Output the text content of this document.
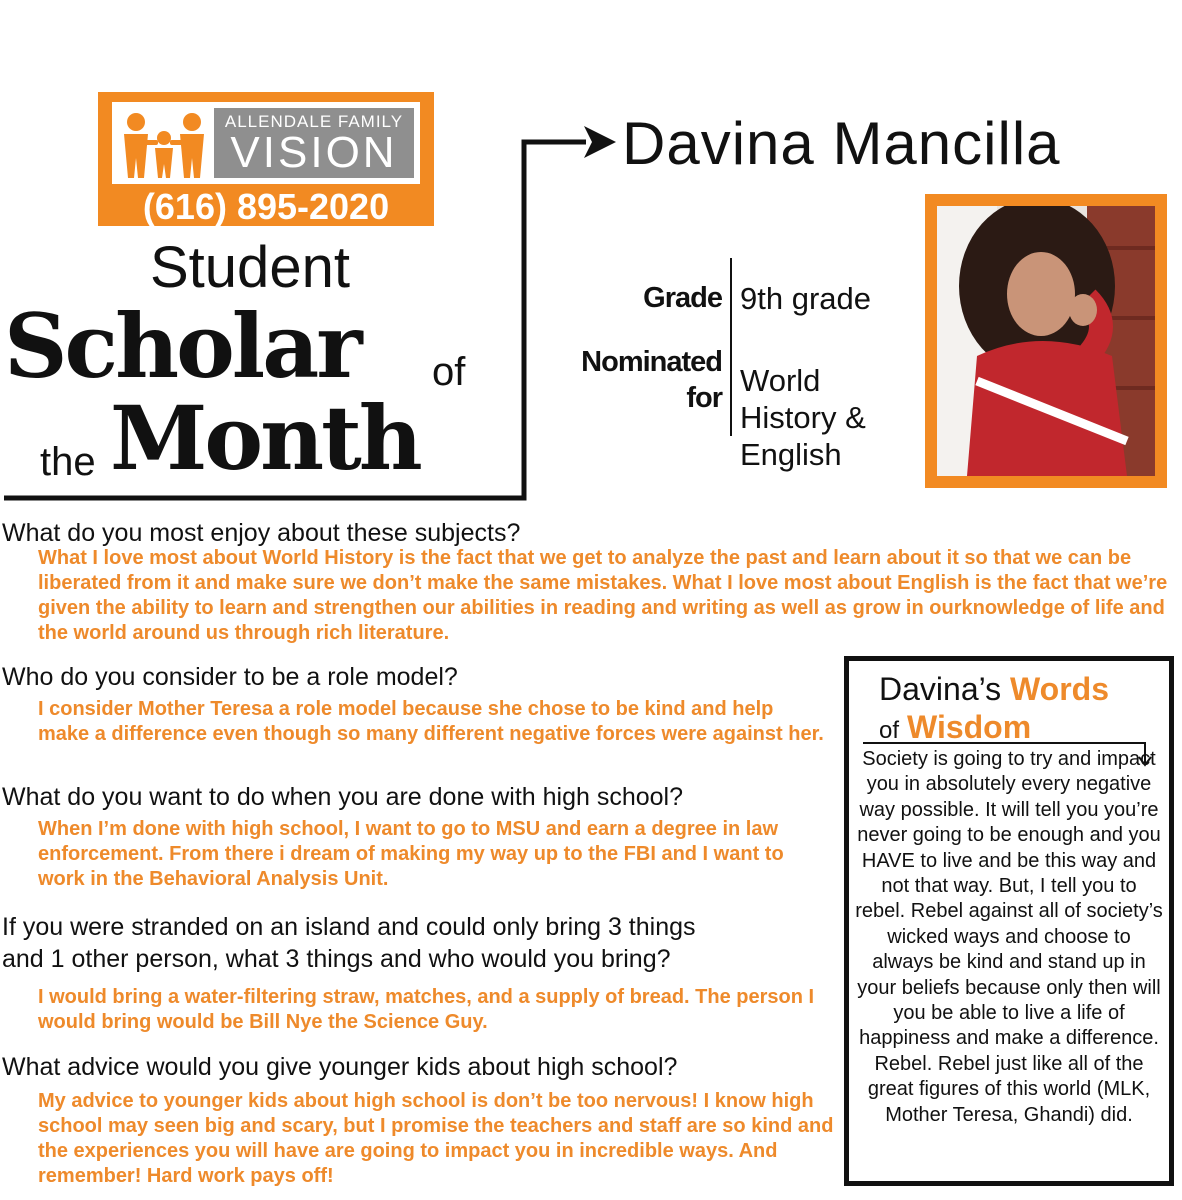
ALLENDALE FAMILY
VISION
(616) 895-2020
Student
Scholar of
the Month
Davina Mancilla
Grade
Nominated
for
9th grade
World
History &
English
What do you most enjoy about these subjects?
What I love most about World History is the fact that we get to analyze the past and learn about it so that we can be liberated from it and make sure we don’t make the same mistakes. What I love most about English is the fact that we’re given the ability to learn and strengthen our abilities in reading and writing as well as grow in ourknowledge of life and the world around us through rich literature.
Who do you consider to be a role model?
I consider Mother Teresa a role model because she chose to be kind and help make a difference even though so many different negative forces were against her.
What do you want to do when you are done with high school?
When I’m done with high school, I want to go to MSU and earn a degree in law enforcement. From there i dream of making my way up to the FBI and I want to work in the Behavioral Analysis Unit.
If you were stranded on an island and could only bring 3 things
and 1 other person, what 3 things and who would you bring?
I would bring a water-filtering straw, matches, and a supply of bread. The person I would bring would be Bill Nye the Science Guy.
What advice would you give younger kids about high school?
My advice to younger kids about high school is don’t be too nervous! I know high school may seen big and scary, but I promise the teachers and staff are so kind and the experiences you will have are going to impact you in incredible ways. And remember! Hard work pays off!
Davina’s Words
of Wisdom
Society is going to try and impact you in absolutely every negative way possible. It will tell you you’re never going to be enough and you HAVE to live and be this way and not that way. But, I tell you to rebel. Rebel against all of society’s wicked ways and choose to always be kind and stand up in your beliefs because only then will you be able to live a life of happiness and make a difference. Rebel. Rebel just like all of the great figures of this world (MLK, Mother Teresa, Ghandi) did.
